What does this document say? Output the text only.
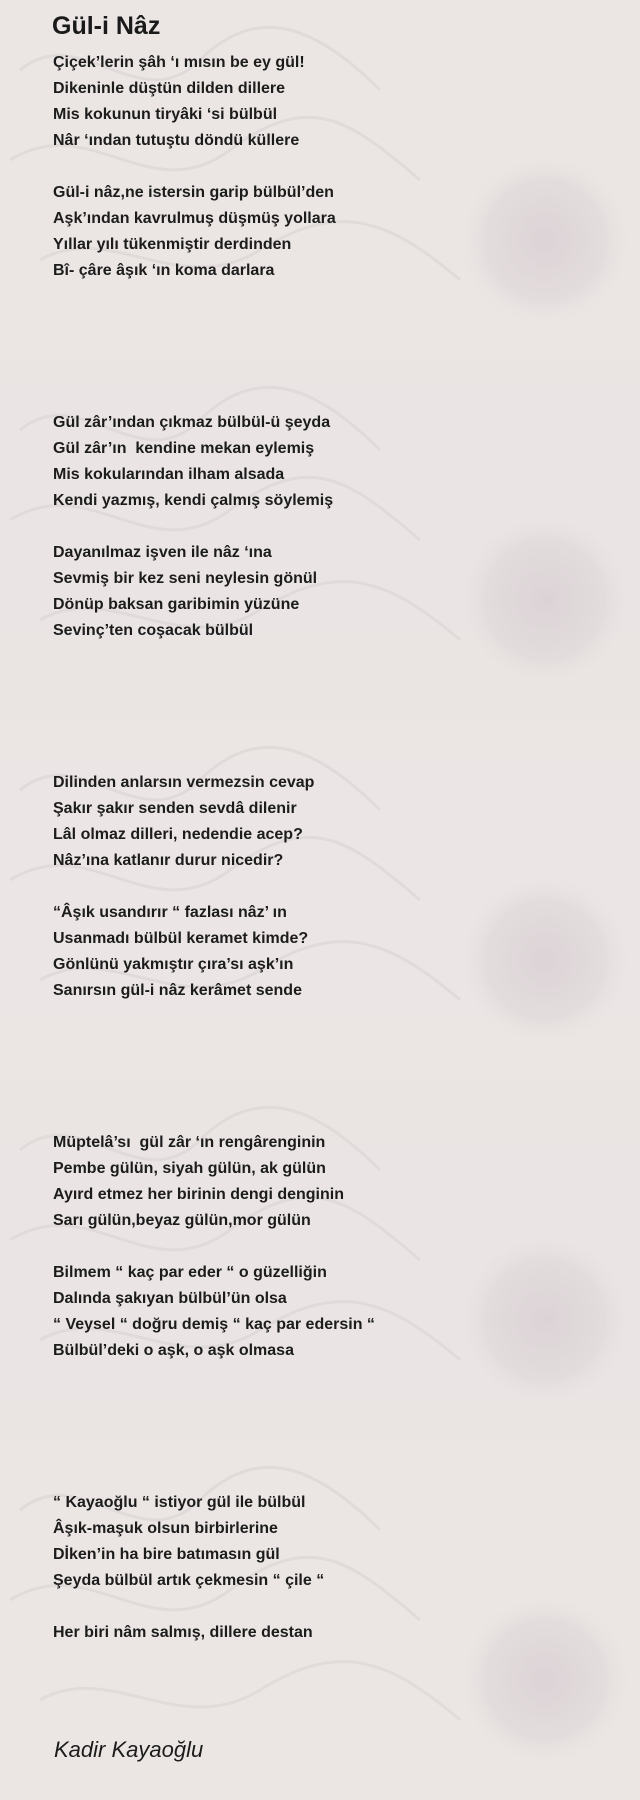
Gül-i Nâz
Çiçek’lerin şâh ‘ı mısın be ey gül!
Dikeninle düştün dilden dillere
Mis kokunun tiryâki ‘si bülbül
Nâr ‘ından tutuştu döndü küllere
Gül-i nâz,ne istersin garip bülbül’den
Aşk’ından kavrulmuş düşmüş yollara
Yıllar yılı tükenmiştir derdinden
Bî- çâre âşık ‘ın koma darlara
Gül zâr’ından çıkmaz bülbül-ü şeyda
Gül zâr’ın  kendine mekan eylemiş
Mis kokularından ilham alsada
Kendi yazmış, kendi çalmış söylemiş
Dayanılmaz işven ile nâz ‘ına
Sevmiş bir kez seni neylesin gönül
Dönüp baksan garibimin yüzüne
Sevinç’ten coşacak bülbül
Dilinden anlarsın vermezsin cevap
Şakır şakır senden sevdâ dilenir
Lâl olmaz dilleri, nedendie acep?
Nâz’ına katlanır durur nicedir?
“Âşık usandırır “ fazlası nâz’ ın
Usanmadı bülbül keramet kimde?
Gönlünü yakmıştır çıra’sı aşk’ın
Sanırsın gül-i nâz kerâmet sende
Müptelâ’sı  gül zâr ‘ın rengârenginin
Pembe gülün, siyah gülün, ak gülün
Ayırd etmez her birinin dengi denginin
Sarı gülün,beyaz gülün,mor gülün
Bilmem “ kaç par eder “ o güzelliğin
Dalında şakıyan bülbül’ün olsa
“ Veysel “ doğru demiş “ kaç par edersin “
Bülbül’deki o aşk, o aşk olmasa
“ Kayaoğlu “ istiyor gül ile bülbül
Âşık-maşuk olsun birbirlerine
Dİken’in ha bire batımasın gül
Şeyda bülbül artık çekmesin “ çile “
Her biri nâm salmış, dillere destan

Kadir Kayaoğlu
